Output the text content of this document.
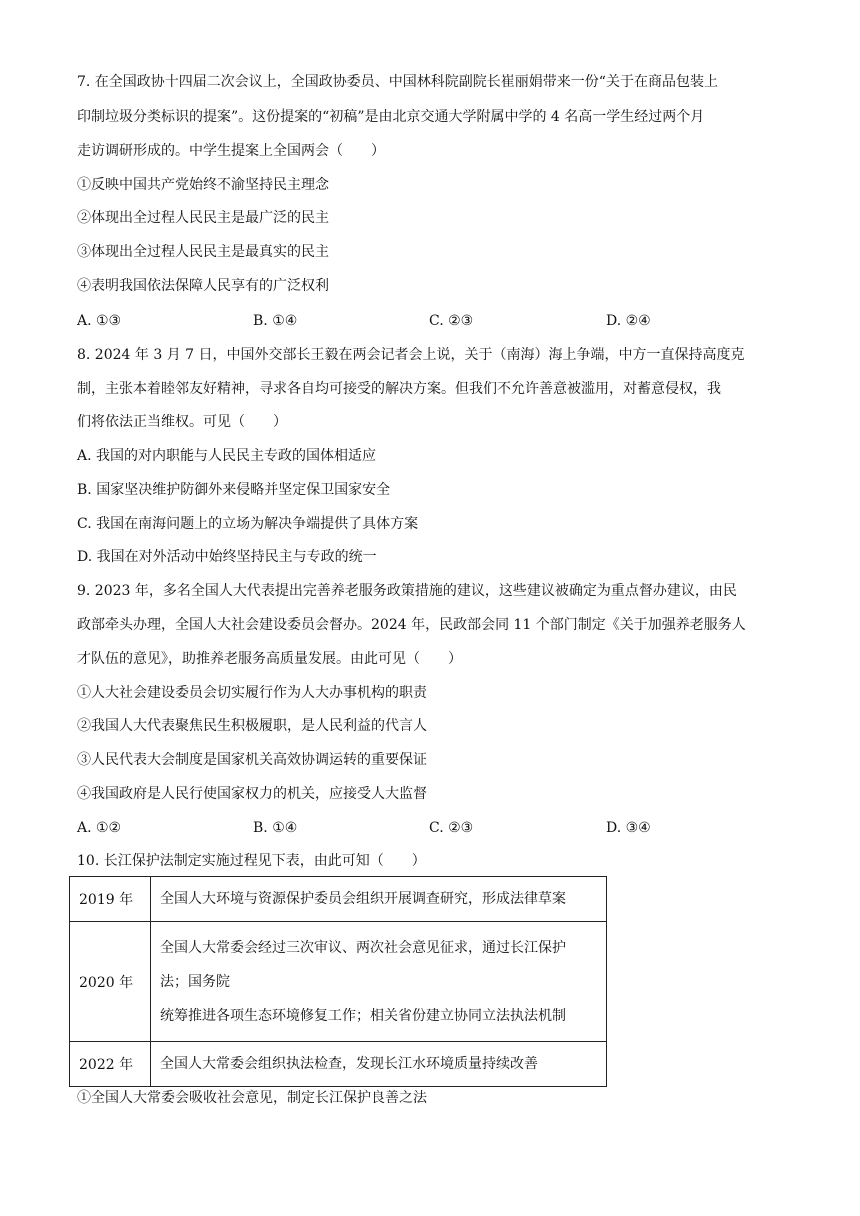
7. 在全国政协十四届二次会议上，全国政协委员、中国林科院副院长崔丽娟带来一份“关于在商品包装上
印制垃圾分类标识的提案”。这份提案的“初稿”是由北京交通大学附属中学的 4 名高一学生经过两个月
走访调研形成的。中学生提案上全国两会（　　）
①反映中国共产党始终不渝坚持民主理念
②体现出全过程人民民主是最广泛的民主
③体现出全过程人民民主是最真实的民主
④表明我国依法保障人民享有的广泛权利
A. ①③	B. ①④	C. ②③	D. ②④
8. 2024 年 3 月 7 日，中国外交部长王毅在两会记者会上说，关于（南海）海上争端，中方一直保持高度克
制，主张本着睦邻友好精神，寻求各自均可接受的解决方案。但我们不允许善意被滥用，对蓄意侵权，我
们将依法正当维权。可见（　　）
A. 我国的对内职能与人民民主专政的国体相适应
B. 国家坚决维护防御外来侵略并坚定保卫国家安全
C. 我国在南海问题上的立场为解决争端提供了具体方案
D. 我国在对外活动中始终坚持民主与专政的统一
9. 2023 年，多名全国人大代表提出完善养老服务政策措施的建议，这些建议被确定为重点督办建议，由民
政部牵头办理，全国人大社会建设委员会督办。2024 年，民政部会同 11 个部门制定《关于加强养老服务人
才队伍的意见》，助推养老服务高质量发展。由此可见（　　）
①人大社会建设委员会切实履行作为人大办事机构的职责
②我国人大代表聚焦民生积极履职，是人民利益的代言人
③人民代表大会制度是国家机关高效协调运转的重要保证
④我国政府是人民行使国家权力的机关，应接受人大监督
A. ①②	B. ①④	C. ②③	D. ③④
10. 长江保护法制定实施过程见下表，由此可知（　　）
2019 年	全国人大环境与资源保护委员会组织开展调查研究，形成法律草案

2020 年	全国人大常委会经过三次审议、两次社会意见征求，通过长江保护
法；国务院
统筹推进各项生态环境修复工作；相关省份建立协同立法执法机制

2022 年	全国人大常委会组织执法检查，发现长江水环境质量持续改善
①全国人大常委会吸收社会意见，制定长江保护良善之法
